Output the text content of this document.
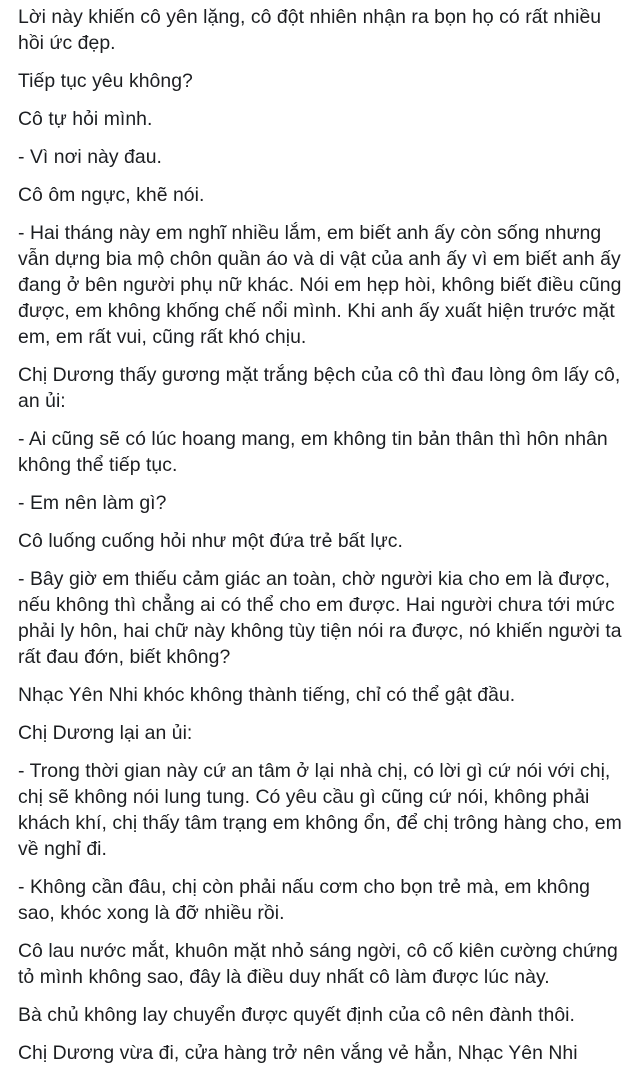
Lời này khiến cô yên lặng, cô đột nhiên nhận ra bọn họ có rất nhiều hồi ức đẹp.

Tiếp tục yêu không?

Cô tự hỏi mình.

- Vì nơi này đau.

Cô ôm ngực, khẽ nói.

- Hai tháng này em nghĩ nhiều lắm, em biết anh ấy còn sống nhưng vẫn dựng bia mộ chôn quần áo và di vật của anh ấy vì em biết anh ấy đang ở bên người phụ nữ khác. Nói em hẹp hòi, không biết điều cũng được, em không khống chế nổi mình. Khi anh ấy xuất hiện trước mặt em, em rất vui, cũng rất khó chịu.

Chị Dương thấy gương mặt trắng bệch của cô thì đau lòng ôm lấy cô, an ủi:

- Ai cũng sẽ có lúc hoang mang, em không tin bản thân thì hôn nhân không thể tiếp tục.

- Em nên làm gì?

Cô luống cuống hỏi như một đứa trẻ bất lực.

- Bây giờ em thiếu cảm giác an toàn, chờ người kia cho em là được, nếu không thì chẳng ai có thể cho em được. Hai người chưa tới mức phải ly hôn, hai chữ này không tùy tiện nói ra được, nó khiến người ta rất đau đớn, biết không?

Nhạc Yên Nhi khóc không thành tiếng, chỉ có thể gật đầu.

Chị Dương lại an ủi:

- Trong thời gian này cứ an tâm ở lại nhà chị, có lời gì cứ nói với chị, chị sẽ không nói lung tung. Có yêu cầu gì cũng cứ nói, không phải khách khí, chị thấy tâm trạng em không ổn, để chị trông hàng cho, em về nghỉ đi.

- Không cần đâu, chị còn phải nấu cơm cho bọn trẻ mà, em không sao, khóc xong là đỡ nhiều rồi.

Cô lau nước mắt, khuôn mặt nhỏ sáng ngời, cô cố kiên cường chứng tỏ mình không sao, đây là điều duy nhất cô làm được lúc này.

Bà chủ không lay chuyển được quyết định của cô nên đành thôi.

Chị Dương vừa đi, cửa hàng trở nên vắng vẻ hẳn, Nhạc Yên Nhi
